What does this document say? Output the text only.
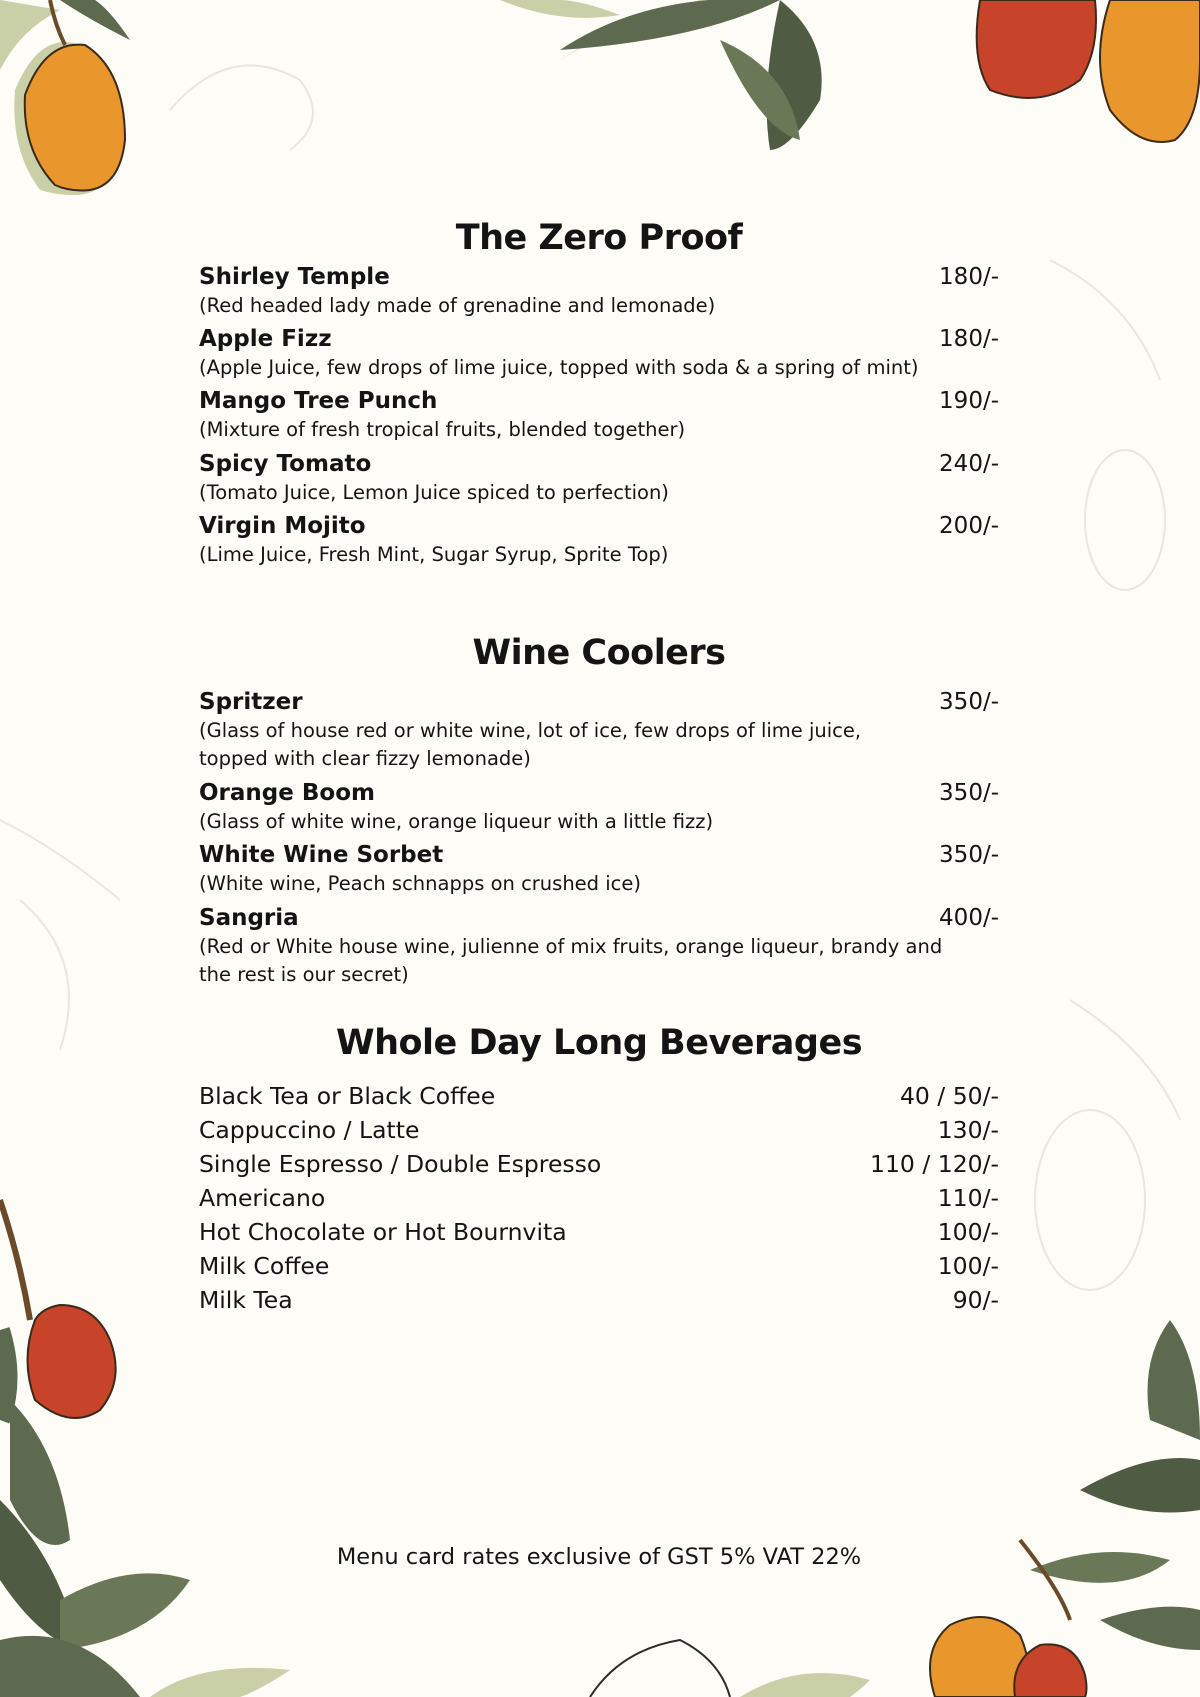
The Zero Proof
Shirley Temple	180/-
(Red headed lady made of grenadine and lemonade)
Apple Fizz	180/-
(Apple Juice, few drops of lime juice, topped with soda & a spring of mint)
Mango Tree Punch	190/-
(Mixture of fresh tropical fruits, blended together)
Spicy Tomato	240/-
(Tomato Juice, Lemon Juice spiced to perfection)
Virgin Mojito	200/-
(Lime Juice, Fresh Mint, Sugar Syrup, Sprite Top)
Wine Coolers
Spritzer	350/-
(Glass of house red or white wine, lot of ice, few drops of lime juice,
topped with clear fizzy lemonade)
Orange Boom	350/-
(Glass of white wine, orange liqueur with a little fizz)
White Wine Sorbet	350/-
(White wine, Peach schnapps on crushed ice)
Sangria	400/-
(Red or White house wine, julienne of mix fruits, orange liqueur, brandy and
the rest is our secret)
Whole Day Long Beverages
Black Tea or Black Coffee	40 / 50/-
Cappuccino / Latte	130/-
Single Espresso / Double Espresso	110 / 120/-
Americano	110/-
Hot Chocolate or Hot Bournvita	100/-
Milk Coffee	100/-
Milk Tea	90/-
Menu card rates exclusive of GST 5% VAT 22%
